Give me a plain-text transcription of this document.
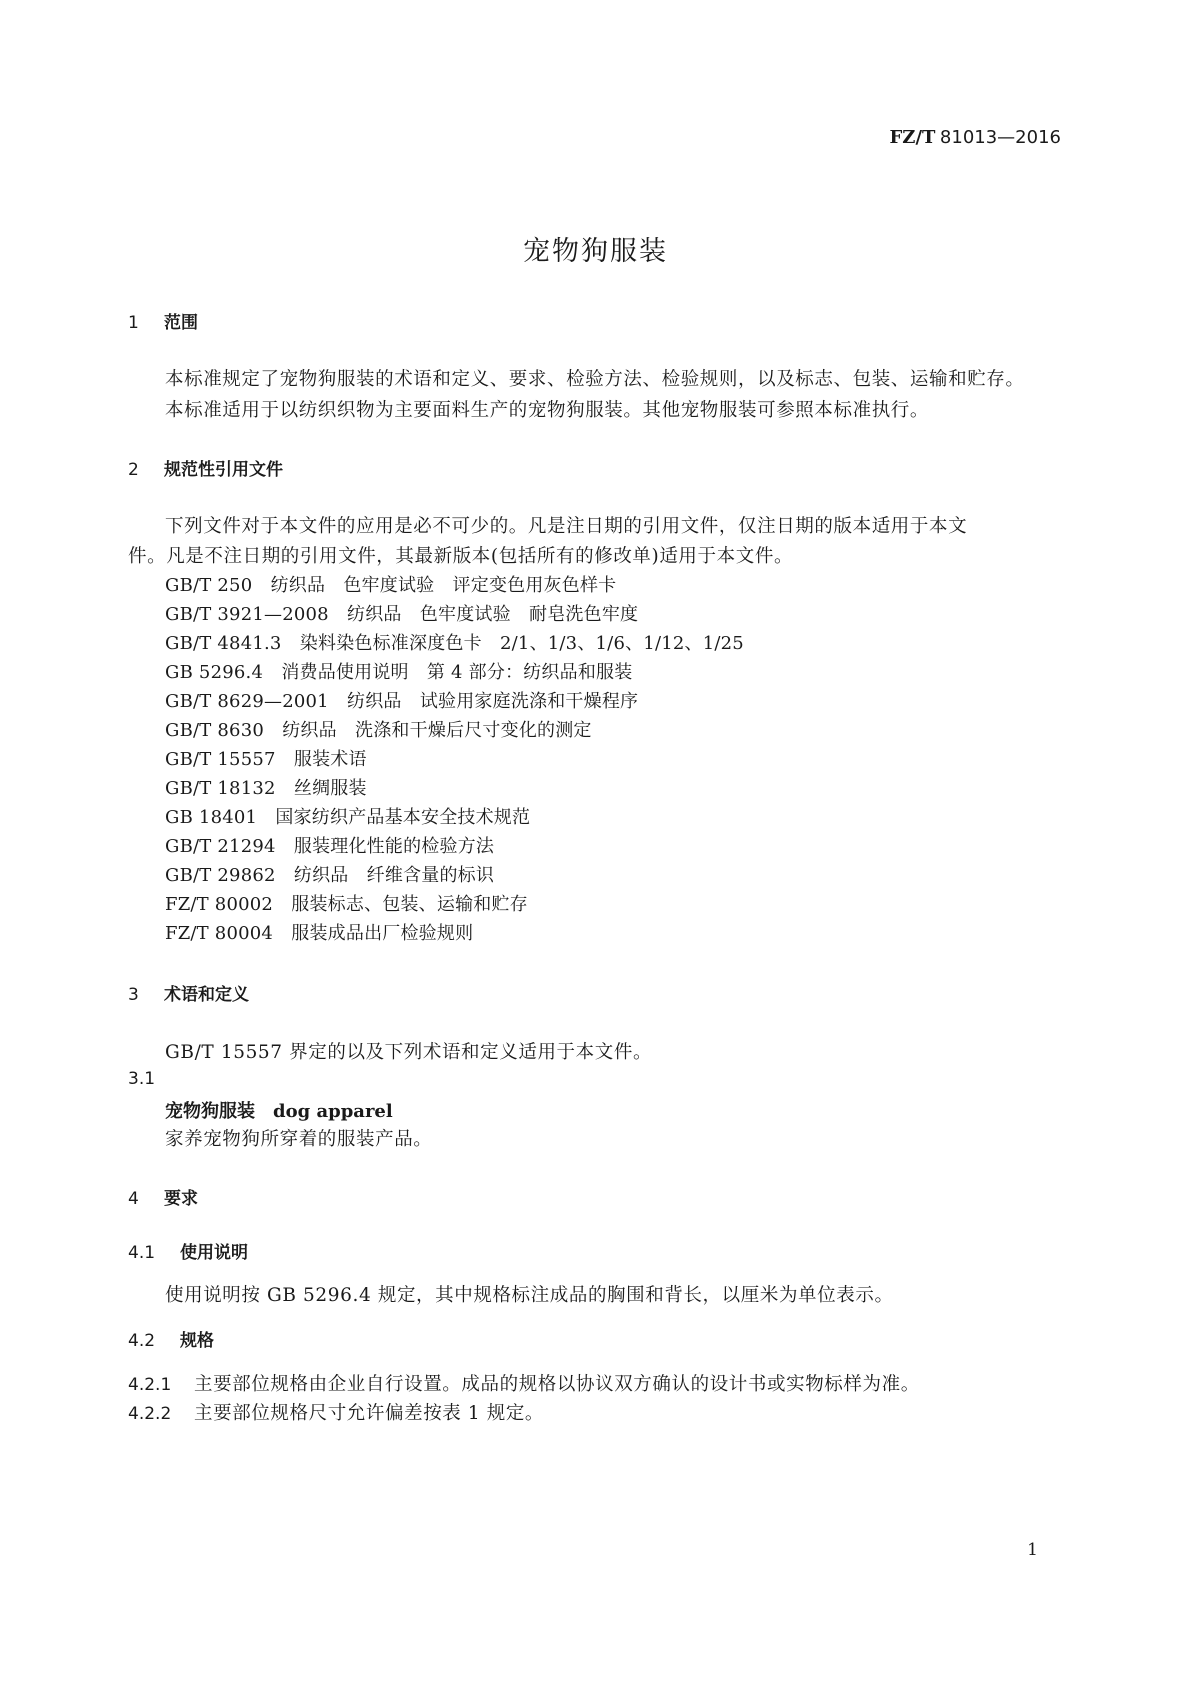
FZ/T 81013—2016
宠物狗服装
1 范围
本标准规定了宠物狗服装的术语和定义、要求、检验方法、检验规则，以及标志、包装、运输和贮存。
本标准适用于以纺织织物为主要面料生产的宠物狗服装。其他宠物服装可参照本标准执行。
2 规范性引用文件
下列文件对于本文件的应用是必不可少的。凡是注日期的引用文件，仅注日期的版本适用于本文
件。凡是不注日期的引用文件，其最新版本(包括所有的修改单)适用于本文件。
GB/T 250　 纺织品　色牢度试验　评定变色用灰色样卡
GB/T 3921—2008　 纺织品　色牢度试验　耐皂洗色牢度
GB/T 4841.3　 染料染色标准深度色卡　2/1、1/3、1/6、1/12、1/25
GB 5296.4　 消费品使用说明　第 4 部分：纺织品和服装
GB/T 8629—2001　 纺织品　试验用家庭洗涤和干燥程序
GB/T 8630　 纺织品　洗涤和干燥后尺寸变化的测定
GB/T 15557　 服装术语
GB/T 18132　 丝绸服装
GB 18401　 国家纺织产品基本安全技术规范
GB/T 21294　 服装理化性能的检验方法
GB/T 29862　 纺织品　纤维含量的标识
FZ/T 80002　 服装标志、包装、运输和贮存
FZ/T 80004　 服装成品出厂检验规则
3 术语和定义
GB/T 15557 界定的以及下列术语和定义适用于本文件。
3.1
宠物狗服装　 dog apparel
家养宠物狗所穿着的服装产品。
4 要求
4.1 使用说明
使用说明按 GB 5296.4 规定，其中规格标注成品的胸围和背长，以厘米为单位表示。
4.2 规格
4.2.1 主要部位规格由企业自行设置。成品的规格以协议双方确认的设计书或实物标样为准。
4.2.2 主要部位规格尺寸允许偏差按表 1 规定。
1
